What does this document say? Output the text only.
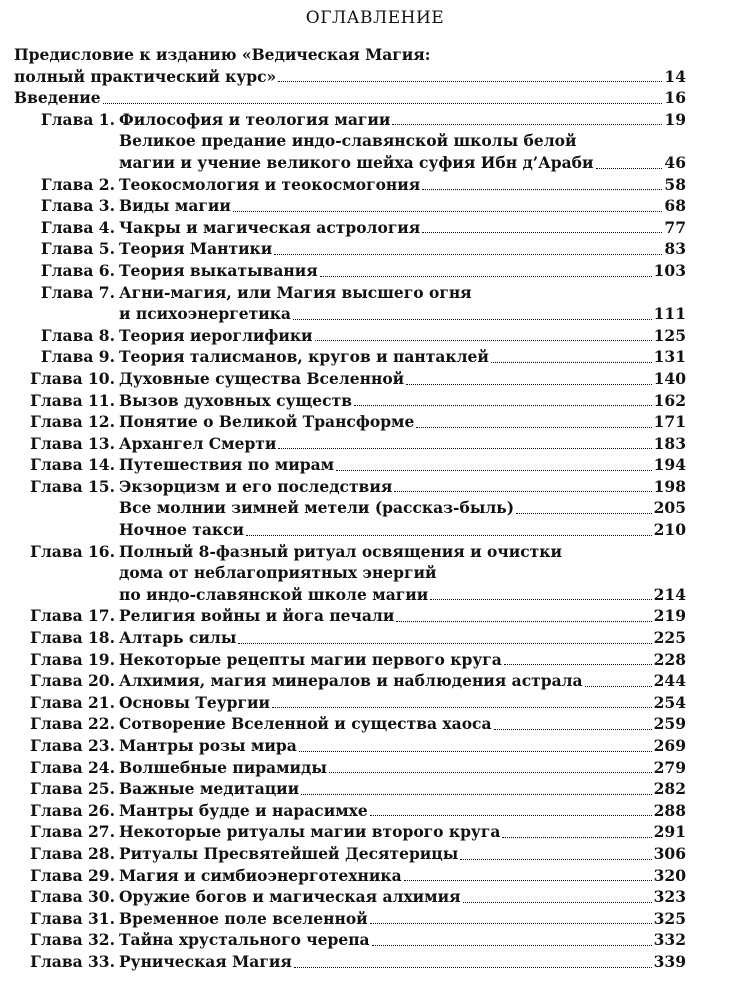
ОГЛАВЛЕНИЕ
Предисловие к изданию «Ведическая Магия:
полный практический курс»	14
Введение	16
Глава 1. Философия и теология магии	19
Великое предание индо-славянской школы белой
магии и учение великого шейха суфия Ибн д’Араби	46
Глава 2. Теокосмология и теокосмогония	58
Глава 3. Виды магии	68
Глава 4. Чакры и магическая астрология	77
Глава 5. Теория Мантики	83
Глава 6. Теория выкатывания	103
Глава 7. Агни-магия, или Магия высшего огня
и психоэнергетика	111
Глава 8. Теория иероглифики	125
Глава 9. Теория талисманов, кругов и пантаклей	131
Глава 10. Духовные существа Вселенной	140
Глава 11. Вызов духовных существ	162
Глава 12. Понятие о Великой Трансформе	171
Глава 13. Архангел Смерти	183
Глава 14. Путешествия по мирам	194
Глава 15. Экзорцизм и его последствия	198
Все молнии зимней метели (рассказ-быль)	205
Ночное такси	210
Глава 16. Полный 8-фазный ритуал освящения и очистки
дома от неблагоприятных энергий
по индо-славянской школе магии	214
Глава 17. Религия войны и йога печали	219
Глава 18. Алтарь силы	225
Глава 19. Некоторые рецепты магии первого круга	228
Глава 20. Алхимия, магия минералов и наблюдения астрала	244
Глава 21. Основы Теургии	254
Глава 22. Сотворение Вселенной и существа хаоса	259
Глава 23. Мантры розы мира	269
Глава 24. Волшебные пирамиды	279
Глава 25. Важные медитации	282
Глава 26. Мантры будде и нарасимхе	288
Глава 27. Некоторые ритуалы магии второго круга	291
Глава 28. Ритуалы Пресвятейшей Десятерицы	306
Глава 29. Магия и симбиоэнерготехника	320
Глава 30. Оружие богов и магическая алхимия	323
Глава 31. Временное поле вселенной	325
Глава 32. Тайна хрустального черепа	332
Глава 33. Руническая Магия	339
